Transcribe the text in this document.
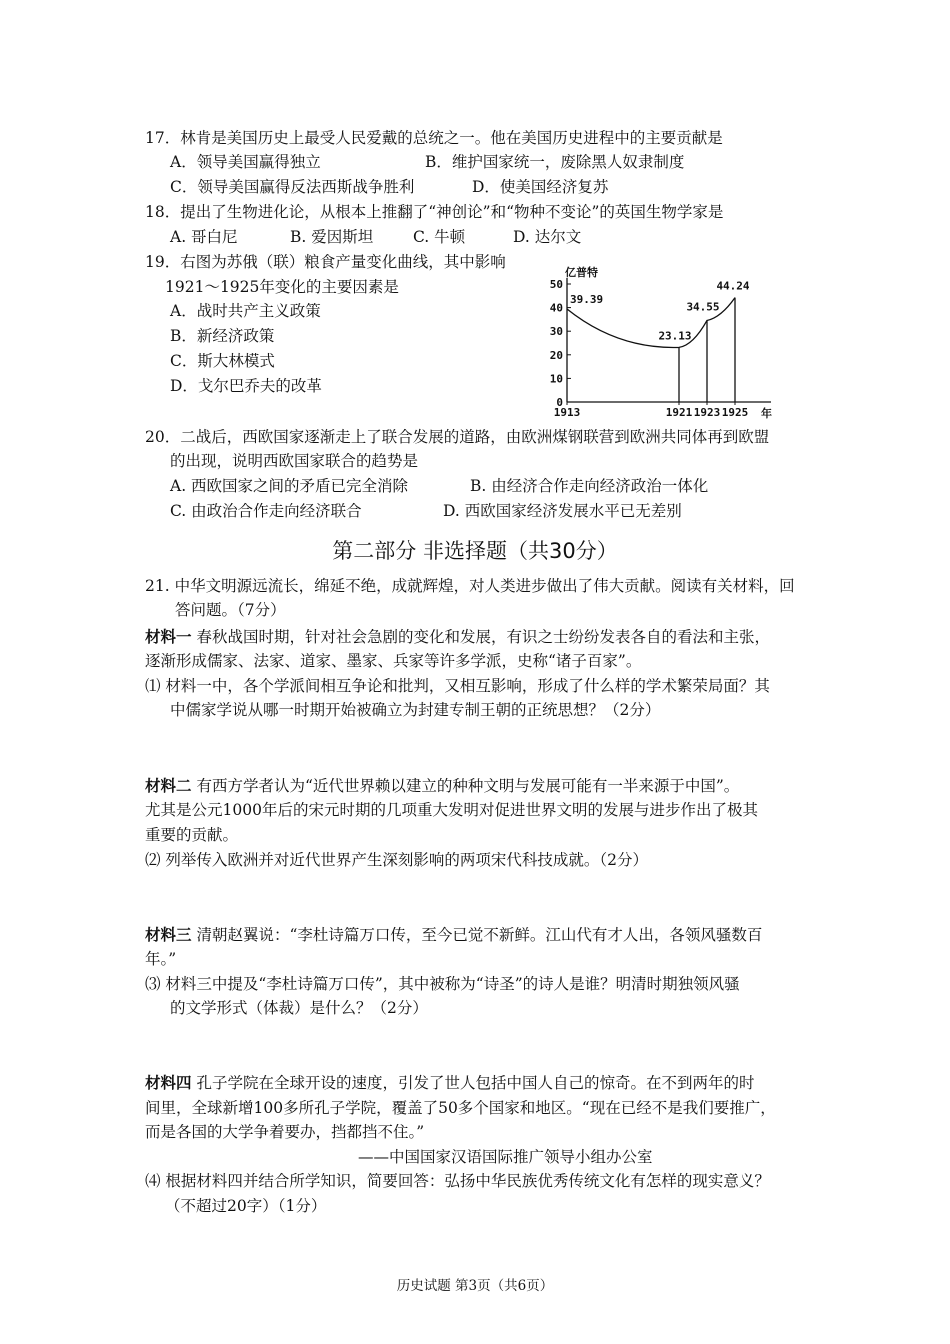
17．林肯是美国历史上最受人民爱戴的总统之一。他在美国历史进程中的主要贡献是
A．领导美国赢得独立	B．维护国家统一，废除黑人奴隶制度
C．领导美国赢得反法西斯战争胜利	D．使美国经济复苏
18．提出了生物进化论，从根本上推翻了“神创论”和“物种不变论”的英国生物学家是
A. 哥白尼	B. 爱因斯坦	C. 牛顿	D. 达尔文
19．右图为苏俄（联）粮食产量变化曲线，其中影响
1921～1925年变化的主要因素是
A．战时共产主义政策
B．新经济政策
C．斯大林模式
D．戈尔巴乔夫的改革
0
10
20
30
40
50
1913	1921 1923 1925
39.39
23.13
34.55
44.24
亿普特
年
20．二战后，西欧国家逐渐走上了联合发展的道路，由欧洲煤钢联营到欧洲共同体再到欧盟
的出现，说明西欧国家联合的趋势是
A. 西欧国家之间的矛盾已完全消除	B. 由经济合作走向经济政治一体化
C. 由政治合作走向经济联合	D. 西欧国家经济发展水平已无差别
第二部分 非选择题（共30分）
21. 中华文明源远流长，绵延不绝，成就辉煌，对人类进步做出了伟大贡献。阅读有关材料，回
答问题。（7分）
材料一 春秋战国时期，针对社会急剧的变化和发展，有识之士纷纷发表各自的看法和主张，
逐渐形成儒家、法家、道家、墨家、兵家等许多学派，史称“诸子百家”。
⑴ 材料一中，各个学派间相互争论和批判，又相互影响，形成了什么样的学术繁荣局面？其
中儒家学说从哪一时期开始被确立为封建专制王朝的正统思想？（2分）
材料二 有西方学者认为“近代世界赖以建立的种种文明与发展可能有一半来源于中国”。
尤其是公元1000年后的宋元时期的几项重大发明对促进世界文明的发展与进步作出了极其
重要的贡献。
⑵ 列举传入欧洲并对近代世界产生深刻影响的两项宋代科技成就。（2分）
材料三 清朝赵翼说：“李杜诗篇万口传，至今已觉不新鲜。江山代有才人出，各领风骚数百
年。”
⑶ 材料三中提及“李杜诗篇万口传”，其中被称为“诗圣”的诗人是谁？明清时期独领风骚
的文学形式（体裁）是什么？（2分）
材料四 孔子学院在全球开设的速度，引发了世人包括中国人自己的惊奇。在不到两年的时
间里，全球新增100多所孔子学院，覆盖了50多个国家和地区。“现在已经不是我们要推广，
而是各国的大学争着要办，挡都挡不住。”
——中国国家汉语国际推广领导小组办公室
⑷ 根据材料四并结合所学知识，简要回答：弘扬中华民族优秀传统文化有怎样的现实意义？
（不超过20字）（1分）
历史试题 第3页（共6页）
